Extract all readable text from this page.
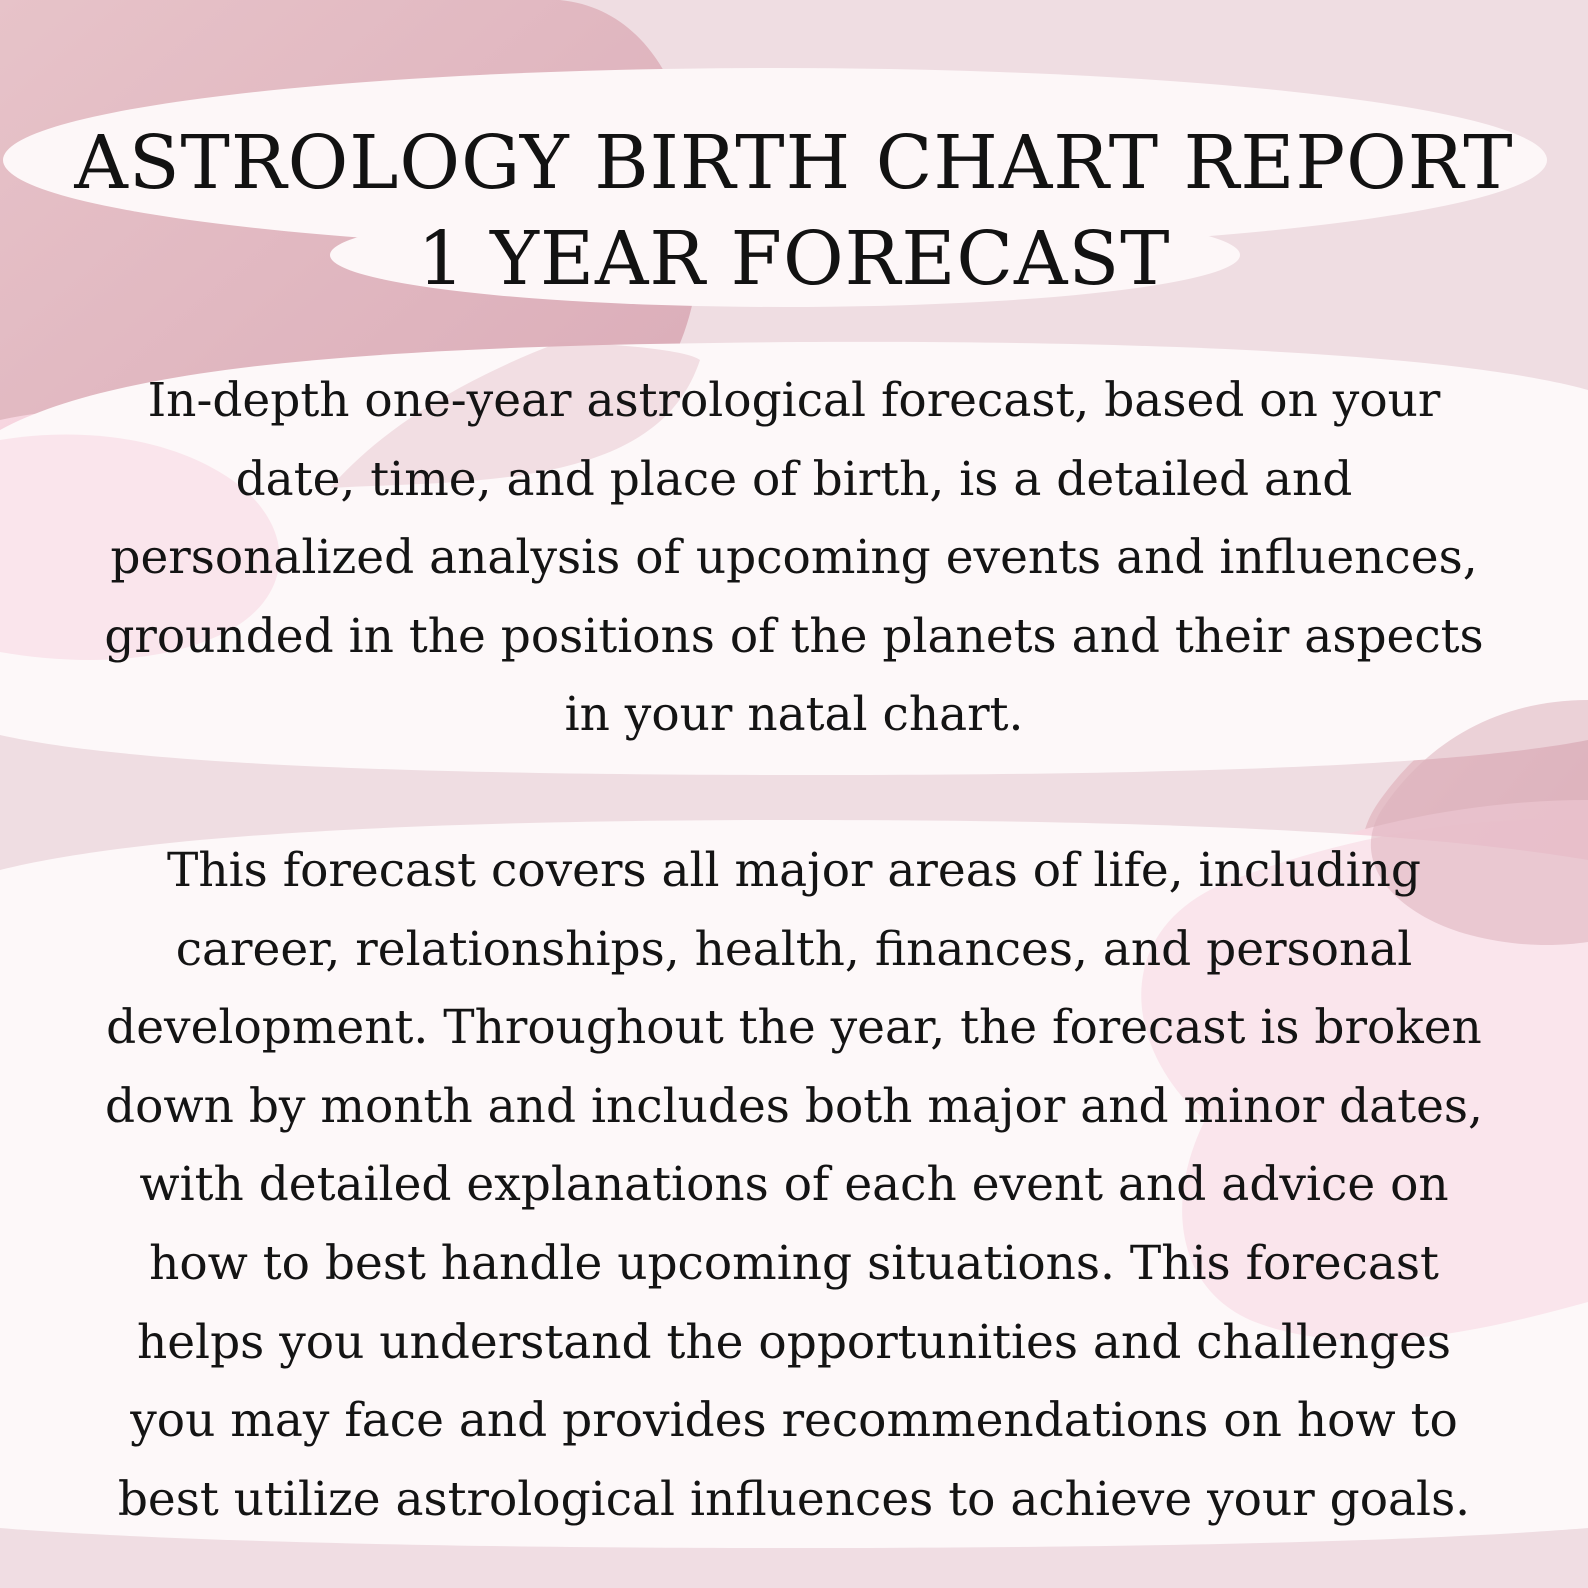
ASTROLOGY BIRTH CHART REPORT
1 YEAR FORECAST
In-depth one-year astrological forecast, based on your
date, time, and place of birth, is a detailed and
personalized analysis of upcoming events and influences,
grounded in the positions of the planets and their aspects
in your natal chart.
This forecast covers all major areas of life, including
career, relationships, health, finances, and personal
development. Throughout the year, the forecast is broken
down by month and includes both major and minor dates,
with detailed explanations of each event and advice on
how to best handle upcoming situations. This forecast
helps you understand the opportunities and challenges
you may face and provides recommendations on how to
best utilize astrological influences to achieve your goals.
